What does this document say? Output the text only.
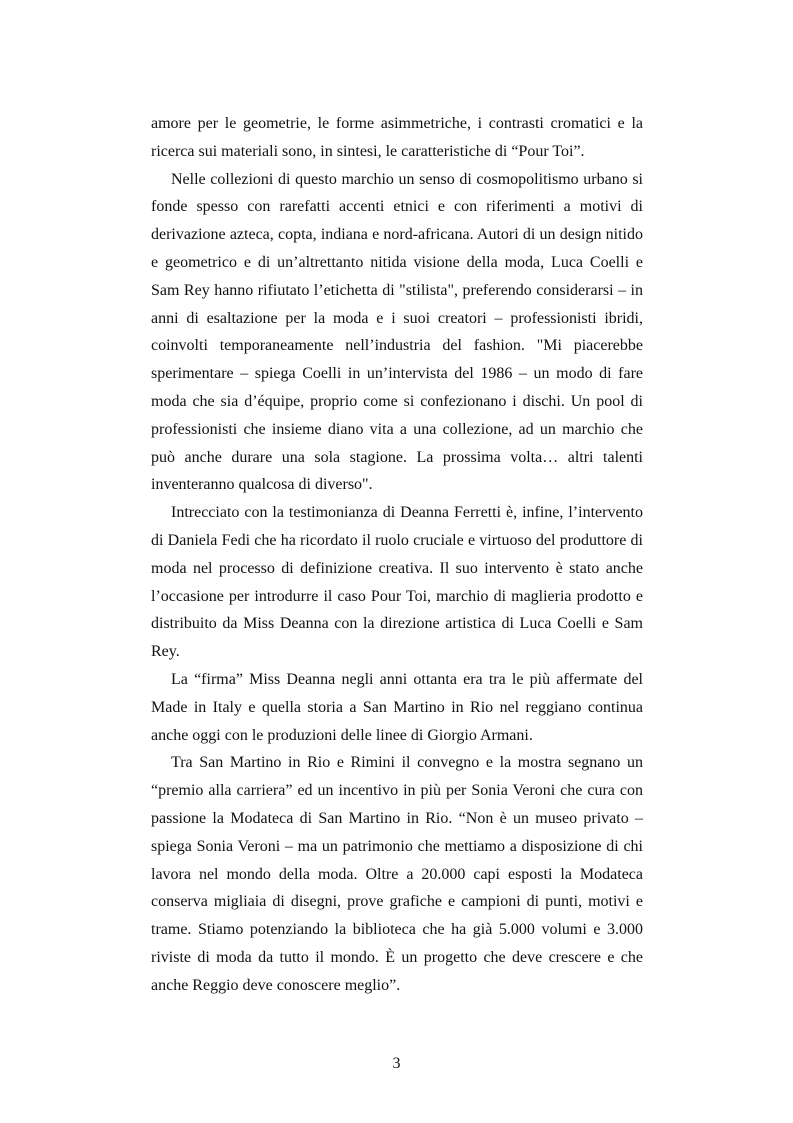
amore per le geometrie, le forme asimmetriche, i contrasti cromatici e la ricerca sui materiali sono, in sintesi, le caratteristiche di “Pour Toi”.

Nelle collezioni di questo marchio un senso di cosmopolitismo urbano si fonde spesso con rarefatti accenti etnici e con riferimenti a motivi di derivazione azteca, copta, indiana e nord-africana. Autori di un design nitido e geometrico e di un’altrettanto nitida visione della moda, Luca Coelli e Sam Rey hanno rifiutato l’etichetta di "stilista", preferendo considerarsi – in anni di esaltazione per la moda e i suoi creatori – professionisti ibridi, coinvolti temporaneamente nell’industria del fashion. "Mi piacerebbe sperimentare – spiega Coelli in un’intervista del 1986 – un modo di fare moda che sia d’équipe, proprio come si confezionano i dischi. Un pool di professionisti che insieme diano vita a una collezione, ad un marchio che può anche durare una sola stagione. La prossima volta… altri talenti inventeranno qualcosa di diverso".

Intrecciato con la testimonianza di Deanna Ferretti è, infine, l’intervento di Daniela Fedi che ha ricordato il ruolo cruciale e virtuoso del produttore di moda nel processo di definizione creativa. Il suo intervento è stato anche l’occasione per introdurre il caso Pour Toi, marchio di maglieria prodotto e distribuito da Miss Deanna con la direzione artistica di Luca Coelli e Sam Rey.

La “firma” Miss Deanna negli anni ottanta era tra le più affermate del Made in Italy e quella storia a San Martino in Rio nel reggiano continua anche oggi con le produzioni delle linee di Giorgio Armani.

Tra San Martino in Rio e Rimini il convegno e la mostra segnano un “premio alla carriera” ed un incentivo in più per Sonia Veroni che cura con passione la Modateca di San Martino in Rio. “Non è un museo privato – spiega Sonia Veroni – ma un patrimonio che mettiamo a disposizione di chi lavora nel mondo della moda. Oltre a 20.000 capi esposti la Modateca conserva migliaia di disegni, prove grafiche e campioni di punti, motivi e trame. Stiamo potenziando la biblioteca che ha già 5.000 volumi e 3.000 riviste di moda da tutto il mondo. È un progetto che deve crescere e che anche Reggio deve conoscere meglio”.

3
